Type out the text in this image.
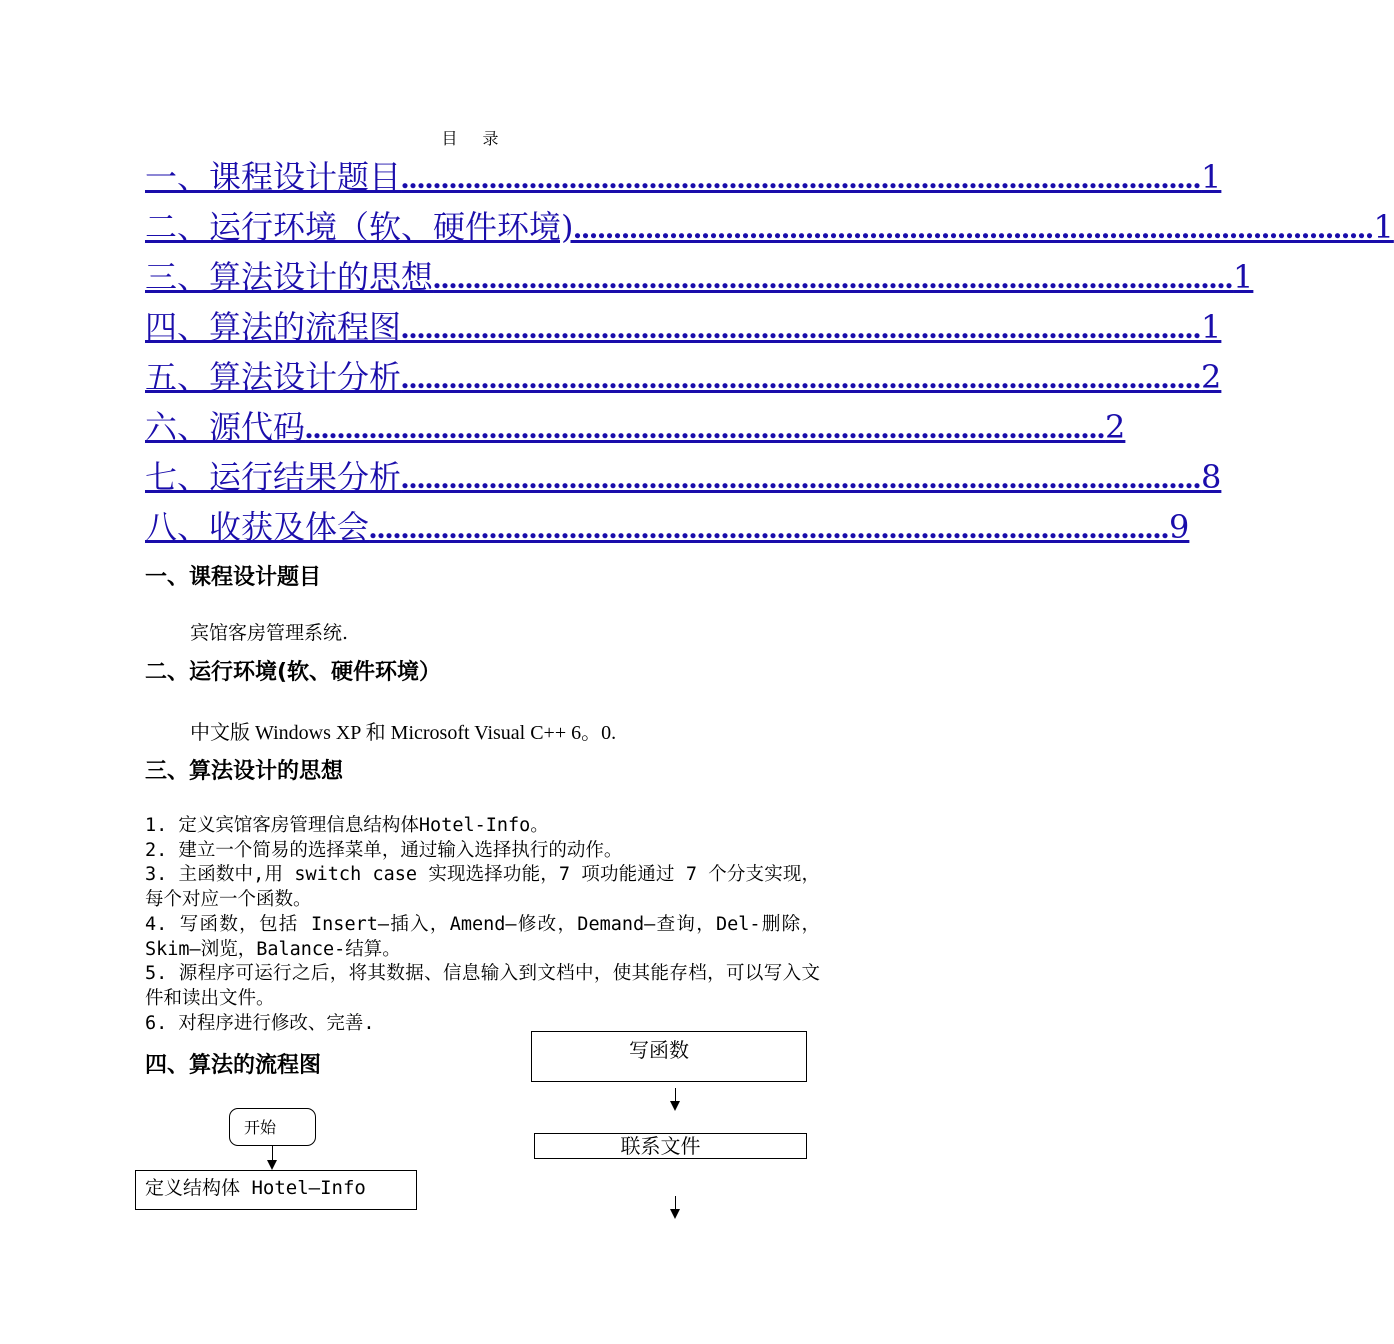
目 录
一、课程设计题目 .................................................................................................... 1
二、运行环境（软、硬件环境) .................................................................................................... 1
三、算法设计的思想 .................................................................................................... 1
四、算法的流程图 .................................................................................................... 1
五、算法设计分析 .................................................................................................... 2
六、源代码 .................................................................................................... 2
七、运行结果分析 .................................................................................................... 8
八、收获及体会 .................................................................................................... 9
一、课程设计题目
宾馆客房管理系统.
二、运行环境(软、硬件环境）
中文版 Windows XP 和 Microsoft Visual C++ 6。0.
三、算法设计的思想

1. 定义宾馆客房管理信息结构体Hotel-Info。

2. 建立一个简易的选择菜单，通过输入选择执行的动作。

3. 主函数中,用 switch case 实现选择功能，7 项功能通过 7 个分支实现，每个对应一个函数。

4. 写函数，包括 Insert—插入，Amend—修改，Demand—查询，Del-删除，Skim—浏览，Balance-结算。

5. 源程序可运行之后，将其数据、信息输入到文档中，使其能存档，可以写入文件和读出文件。

6. 对程序进行修改、完善.

四、算法的流程图
开始
定义结构体 Hotel—Info
写函数
联系文件
